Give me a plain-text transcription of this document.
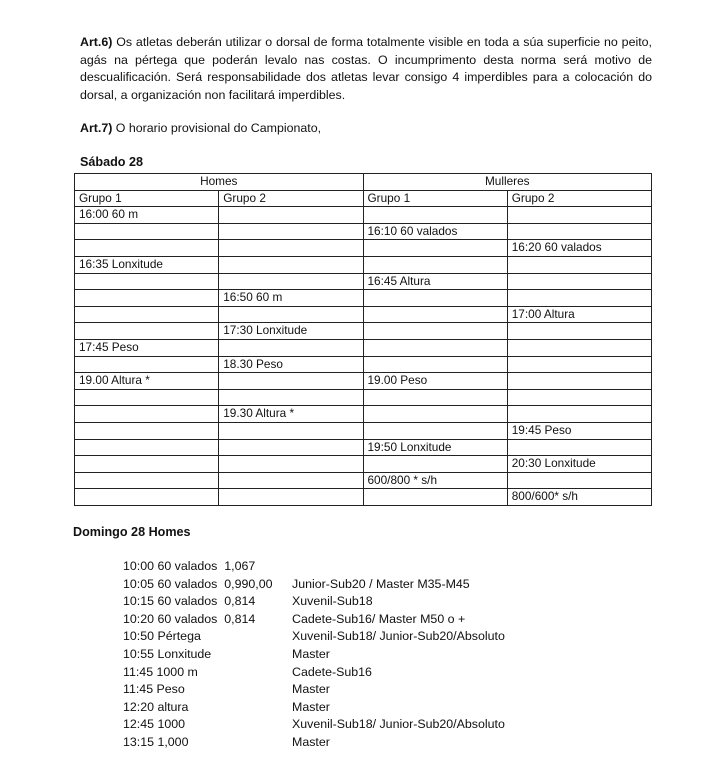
Art.6) Os atletas deberán utilizar o dorsal de forma totalmente visible en toda a súa superficie no peito, agás na pértega que poderán levalo nas costas. O incumprimento desta norma será motivo de descualificación. Será responsabilidade dos atletas levar consigo 4 imperdibles para a colocación do dorsal, a organización non facilitará imperdibles.
Art.7) O horario provisional do Campionato,
Sábado 28
Homes		Mulleres	
Grupo 1	Grupo 2	Grupo 1	Grupo 2
16:00 60 m			
		16:10 60 valados	
			16:20 60 valados
16:35 Lonxitude			
		16:45 Altura	
	16:50 60 m		
			17:00 Altura
	17:30 Lonxitude		
17:45 Peso			
	18.30 Peso		
19.00 Altura *		19.00 Peso	

	19.30 Altura *		
			19:45 Peso
		19:50 Lonxitude	
			20:30 Lonxitude
		600/800 * s/h	
			800/600* s/h
Domingo 28 Homes
10:00 60 valados  1,067
10:05 60 valados  0,990,00 Junior-Sub20 / Master M35-M45
10:15 60 valados  0,814	Xuvenil-Sub18
10:20 60 valados  0,814	Cadete-Sub16/ Master M50 o +
10:50 Pértega	Xuvenil-Sub18/ Junior-Sub20/Absoluto
10:55 Lonxitude	Master
11:45 1000 m	Cadete-Sub16
11:45 Peso	Master
12:20 altura	Master
12:45 1000	Xuvenil-Sub18/ Junior-Sub20/Absoluto
13:15 1,000	Master
